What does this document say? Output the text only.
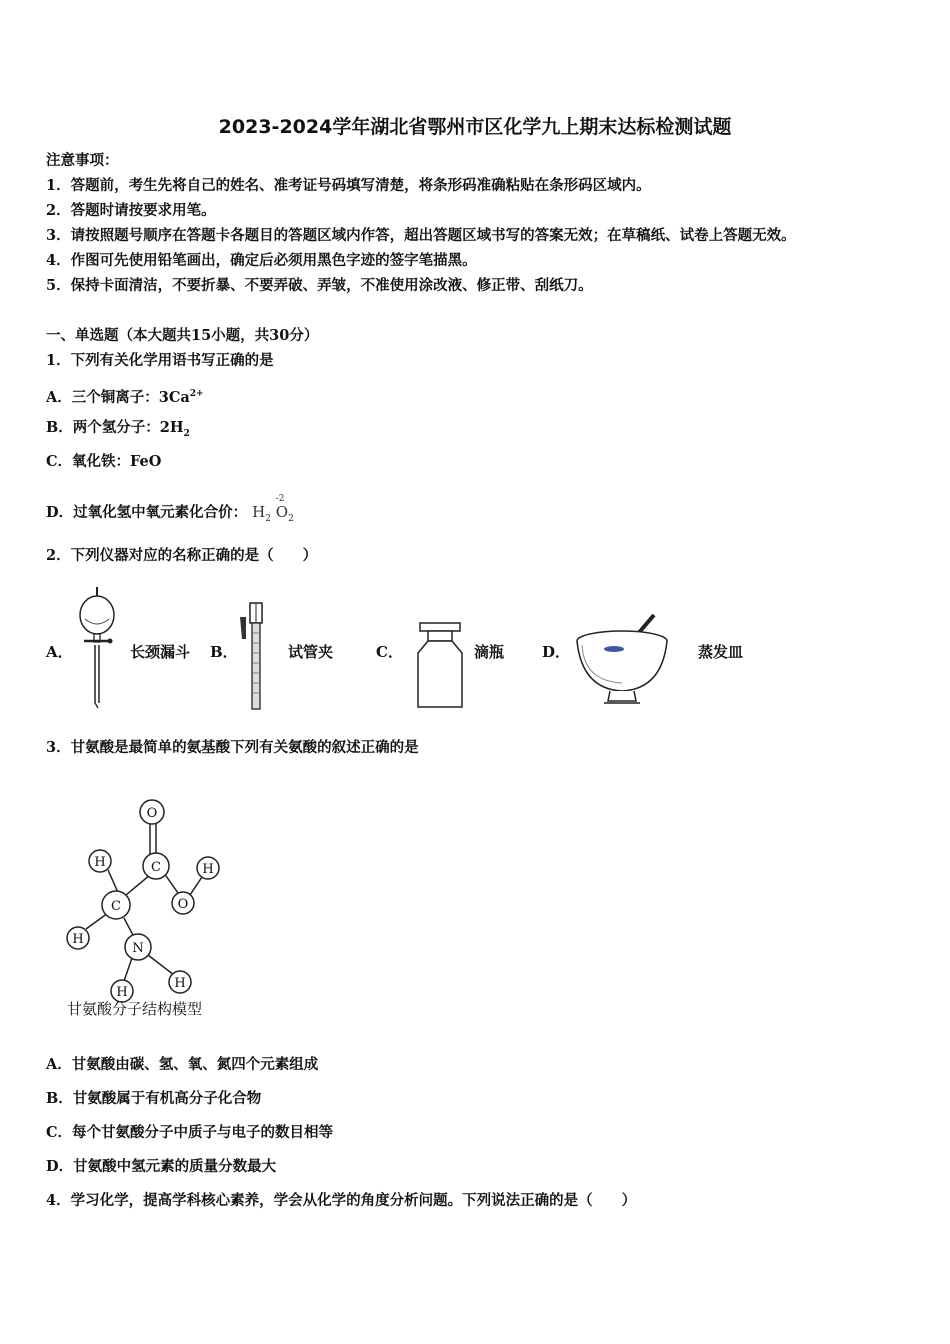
2023-2024学年湖北省鄂州市区化学九上期末达标检测试题
注意事项：
1．答题前，考生先将自己的姓名、准考证号码填写清楚，将条形码准确粘贴在条形码区域内。
2．答题时请按要求用笔。
3．请按照题号顺序在答题卡各题目的答题区域内作答，超出答题区域书写的答案无效；在草稿纸、试卷上答题无效。
4．作图可先使用铅笔画出，确定后必须用黑色字迹的签字笔描黑。
5．保持卡面清洁，不要折暴、不要弄破、弄皱，不准使用涂改液、修正带、刮纸刀。
一、单选题（本大题共15小题，共30分）
1．下列有关化学用语书写正确的是
A．三个铜离子：$3Ca^{2+}$
B．两个氢分子：$2H_2$
C．氧化铁：FeO
D．过氧化氢中氧元素化合价： $H_2$
-2
$O_2$
2．下列仪器对应的名称正确的是（　　）
A．	长颈漏斗 B．	试管夹	C．	滴瓶	D．	蒸发皿
3．甘氨酸是最简单的氨基酸下列有关氨酸的叙述正确的是
O
C
H	H
O
C
H
N
H
H
甘氨酸分子结构模型
A．甘氨酸由碳、氢、氧、氮四个元素组成
B．甘氨酸属于有机高分子化合物
C．每个甘氨酸分子中质子与电子的数目相等
D．甘氨酸中氢元素的质量分数最大
4．学习化学，提高学科核心素养，学会从化学的角度分析问题。下列说法正确的是（　　）
